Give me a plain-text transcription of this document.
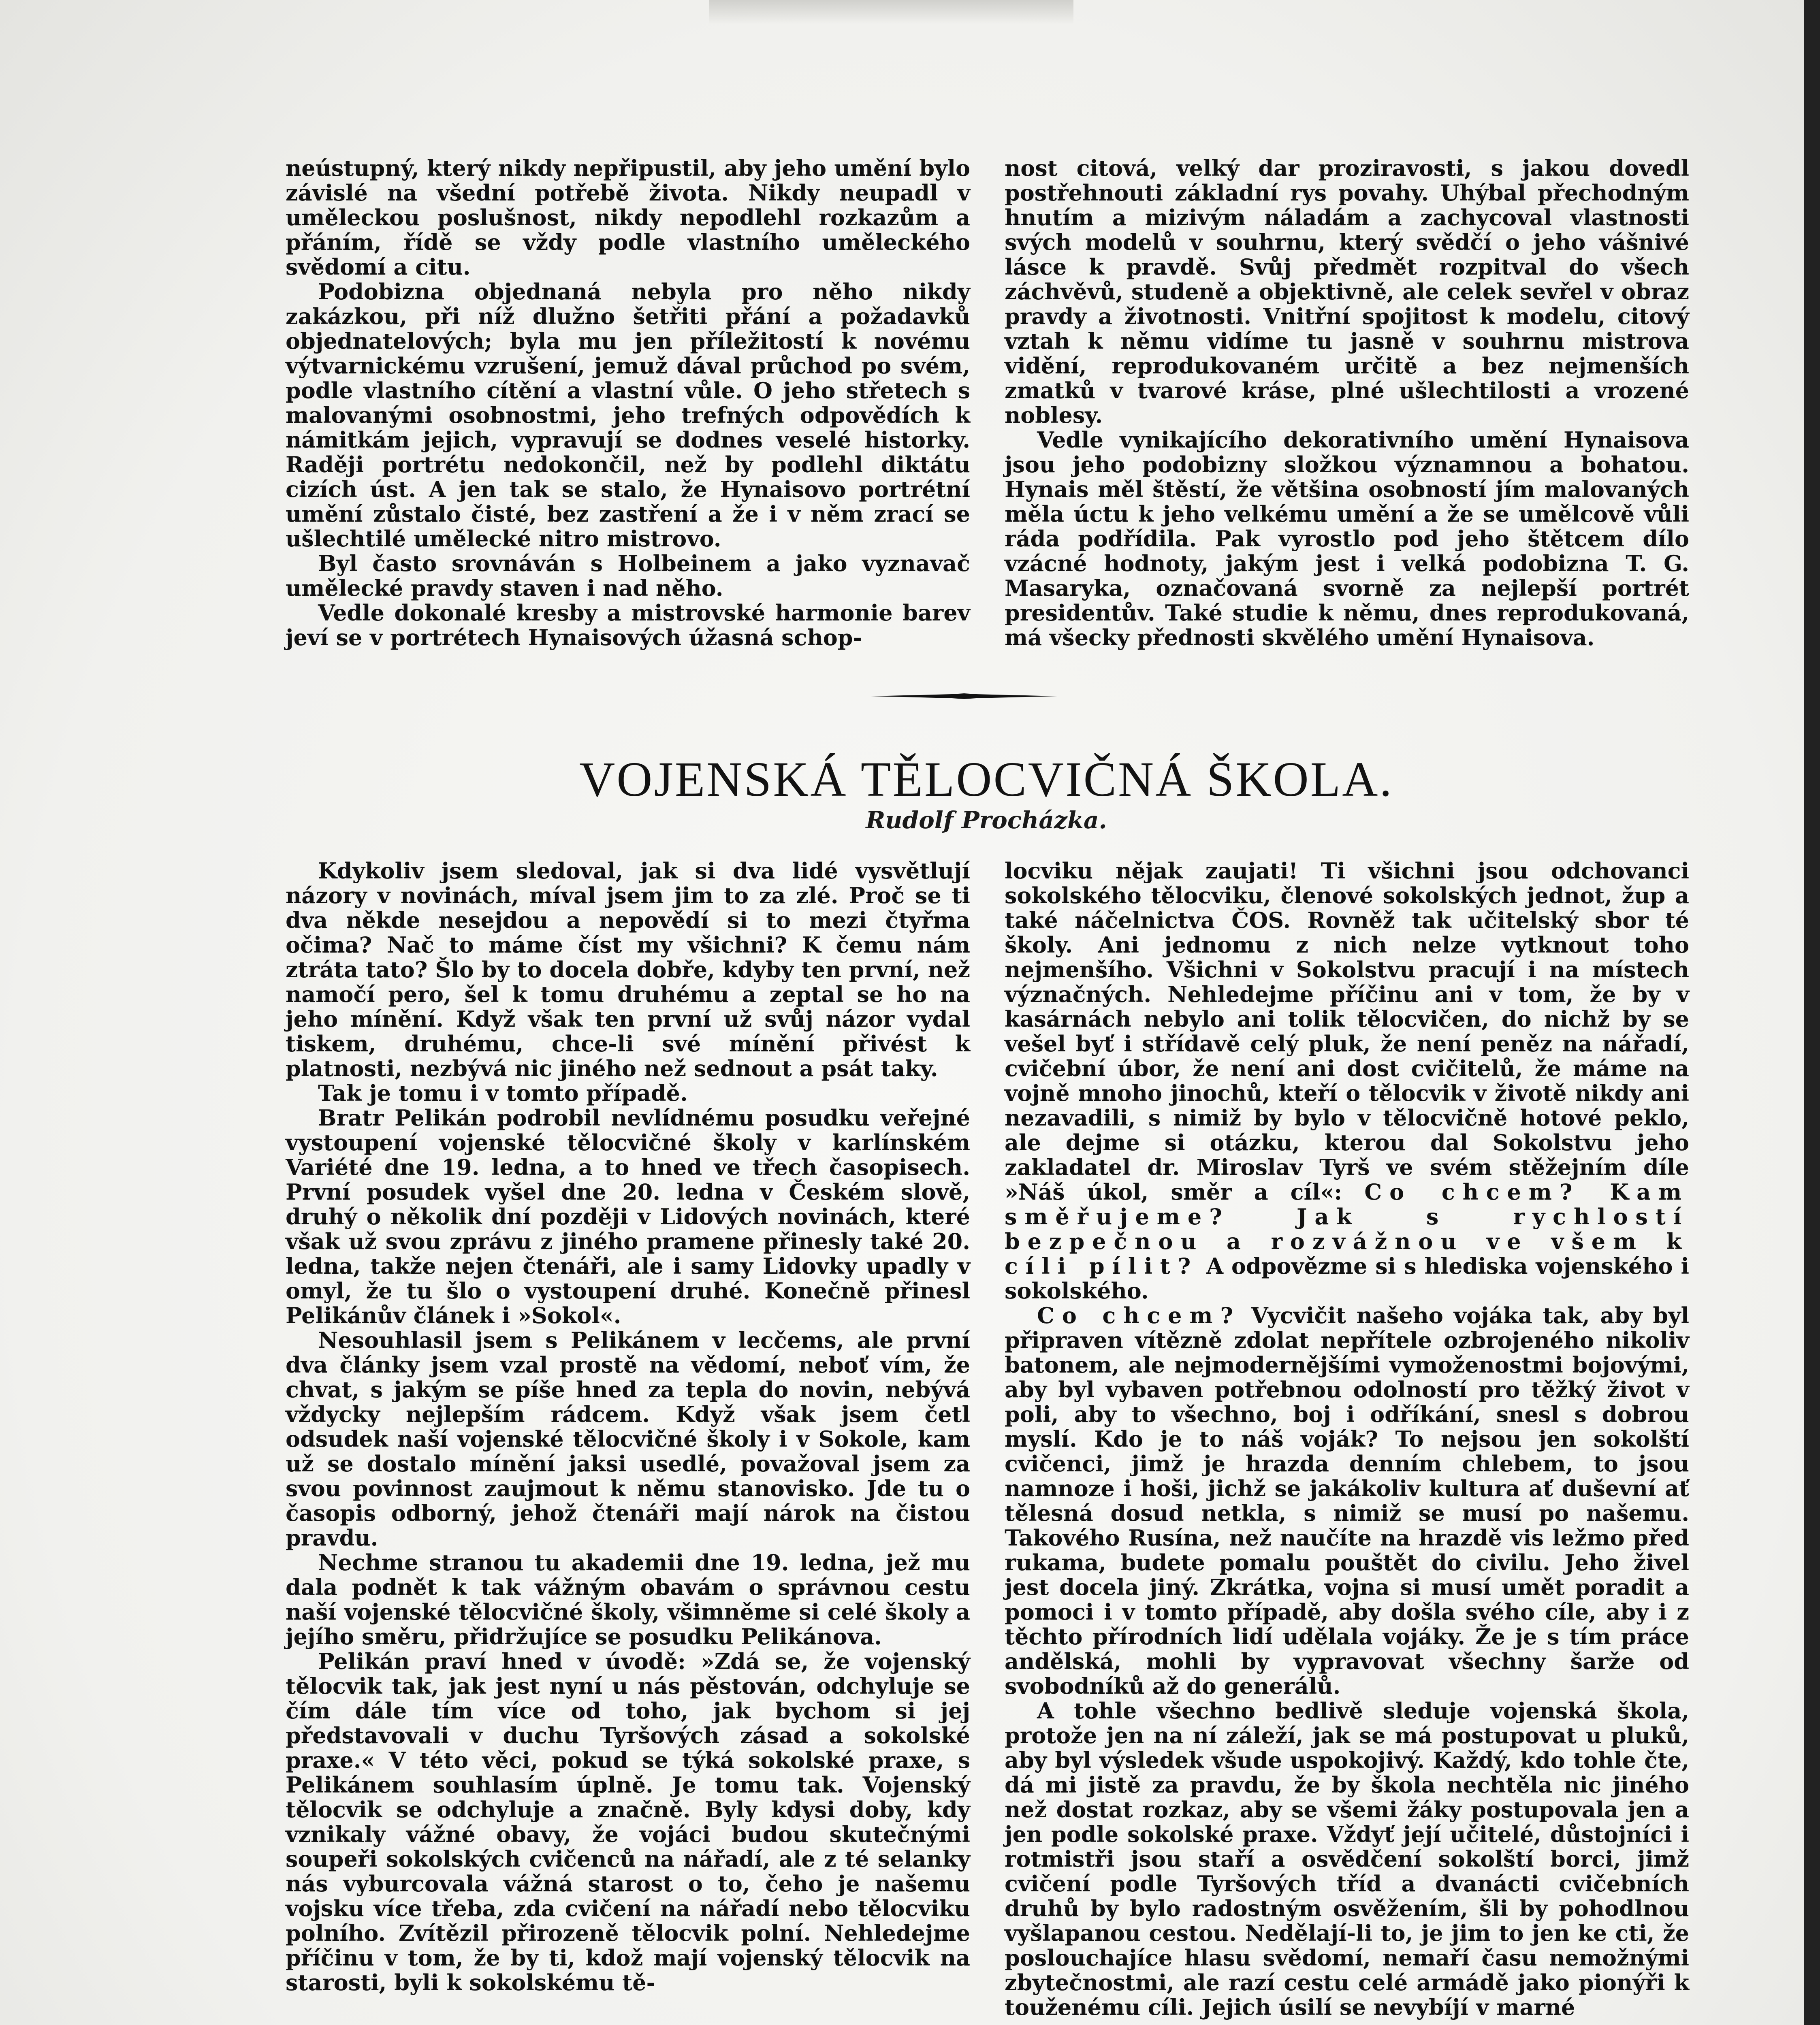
neústupný, který nikdy nepřipustil, aby jeho umění bylo závislé na všední potřebě života. Nikdy neupadl v uměleckou poslušnost, nikdy nepodlehl rozkazům a přáním, řídě se vždy podle vlastního uměleckého svědomí a citu.

Podobizna objednaná nebyla pro něho nikdy zakázkou, při níž dlužno šetřiti přání a požadavků objednatelových; byla mu jen příležitostí k novému výtvarnickému vzrušení, jemuž dával průchod po svém, podle vlastního cítění a vlastní vůle. O jeho střetech s malovanými osobnostmi, jeho trefných odpovědích k námitkám jejich, vypravují se dodnes veselé historky. Raději portrétu nedokončil, než by podlehl diktátu cizích úst. A jen tak se stalo, že Hynaisovo portrétní umění zůstalo čisté, bez zastření a že i v něm zrací se ušlechtilé umělecké nitro mistrovo.

Byl často srovnáván s Holbeinem a jako vyznavač umělecké pravdy staven i nad něho.

Vedle dokonalé kresby a mistrovské harmonie barev jeví se v portrétech Hynaisových úžasná schop-

nost citová, velký dar proziravosti, s jakou dovedl postřehnouti základní rys povahy. Uhýbal přechodným hnutím a mizivým náladám a zachycoval vlastnosti svých modelů v souhrnu, který svědčí o jeho vášnivé lásce k pravdě. Svůj předmět rozpitval do všech záchvěvů, studeně a objektivně, ale celek sevřel v obraz pravdy a životnosti. Vnitřní spojitost k modelu, citový vztah k němu vidíme tu jasně v souhrnu mistrova vidění, reprodukovaném určitě a bez nejmenších zmatků v tvarové kráse, plné ušlechtilosti a vrozené noblesy.

Vedle vynikajícího dekorativního umění Hynaisova jsou jeho podobizny složkou významnou a bohatou. Hynais měl štěstí, že většina osobností jím malovaných měla úctu k jeho velkému umění a že se umělcově vůli ráda podřídila. Pak vyrostlo pod jeho štětcem dílo vzácné hodnoty, jakým jest i velká podobizna T. G. Masaryka, označovaná svorně za nejlepší portrét presidentův. Také studie k němu, dnes reprodukovaná, má všecky přednosti skvělého umění Hynaisova.

VOJENSKÁ TĚLOCVIČNÁ ŠKOLA.
Rudolf Procházka.

Kdykoliv jsem sledoval, jak si dva lidé vysvětlují názory v novinách, míval jsem jim to za zlé. Proč se ti dva někde nesejdou a nepovědí si to mezi čtyřma očima? Nač to máme číst my všichni? K čemu nám ztráta tato? Šlo by to docela dobře, kdyby ten první, než namočí pero, šel k tomu druhému a zeptal se ho na jeho mínění. Když však ten první už svůj názor vydal tiskem, druhému, chce-li své mínění přivést k platnosti, nezbývá nic jiného než sednout a psát taky.

Tak je tomu i v tomto případě.

Bratr Pelikán podrobil nevlídnému posudku veřejné vystoupení vojenské tělocvičné školy v karlínském Variété dne 19. ledna, a to hned ve třech časopisech. První posudek vyšel dne 20. ledna v Českém slově, druhý o několik dní později v Lidových novinách, které však už svou zprávu z jiného pramene přinesly také 20. ledna, takže nejen čtenáři, ale i samy Lidovky upadly v omyl, že tu šlo o vystoupení druhé. Konečně přinesl Pelikánův článek i »Sokol«.

Nesouhlasil jsem s Pelikánem v lecčems, ale první dva články jsem vzal prostě na vědomí, neboť vím, že chvat, s jakým se píše hned za tepla do novin, nebývá vždycky nejlepším rádcem. Když však jsem četl odsudek naší vojenské tělocvičné školy i v Sokole, kam už se dostalo mínění jaksi usedlé, považoval jsem za svou povinnost zaujmout k němu stanovisko. Jde tu o časopis odborný, jehož čtenáři mají nárok na čistou pravdu.

Nechme stranou tu akademii dne 19. ledna, jež mu dala podnět k tak vážným obavám o správnou cestu naší vojenské tělocvičné školy, všimněme si celé školy a jejího směru, přidržujíce se posudku Pelikánova.

Pelikán praví hned v úvodě: »Zdá se, že vojenský tělocvik tak, jak jest nyní u nás pěstován, odchyluje se čím dále tím více od toho, jak bychom si jej představovali v duchu Tyršových zásad a sokolské praxe.« V této věci, pokud se týká sokolské praxe, s Pelikánem souhlasím úplně. Je tomu tak. Vojenský tělocvik se odchyluje a značně. Byly kdysi doby, kdy vznikaly vážné obavy, že vojáci budou skutečnými soupeři sokolských cvičenců na nářadí, ale z té selanky nás vyburcovala vážná starost o to, čeho je našemu vojsku více třeba, zda cvičení na nářadí nebo tělocviku polního. Zvítězil přirozeně tělocvik polní. Nehledejme příčinu v tom, že by ti, kdož mají vojenský tělocvik na starosti, byli k sokolskému tě-

locviku nějak zaujati! Ti všichni jsou odchovanci sokolského tělocviku, členové sokolských jednot, žup a také náčelnictva ČOS. Rovněž tak učitelský sbor té školy. Ani jednomu z nich nelze vytknout toho nejmenšího. Všichni v Sokolstvu pracují i na místech význačných. Nehledejme příčinu ani v tom, že by v kasárnách nebylo ani tolik tělocvičen, do nichž by se vešel byť i střídavě celý pluk, že není peněz na nářadí, cvičební úbor, že není ani dost cvičitelů, že máme na vojně mnoho jinochů, kteří o tělocvik v životě nikdy ani nezavadili, s nimiž by bylo v tělocvičně hotové peklo, ale dejme si otázku, kterou dal Sokolstvu jeho zakladatel dr. Miroslav Tyrš ve svém stěžejním díle »Náš úkol, směr a cíl«: Co chcem? Kam směřujeme? Jak s rychlostí bezpečnou a rozvážnou ve všem k cíli pílit? A odpovězme si s hlediska vojenského i sokolského.

Co chcem? Vycvičit našeho vojáka tak, aby byl připraven vítězně zdolat nepřítele ozbrojeného nikoliv batonem, ale nejmodernějšími vymoženostmi bojovými, aby byl vybaven potřebnou odolností pro těžký život v poli, aby to všechno, boj i odříkání, snesl s dobrou myslí. Kdo je to náš voják? To nejsou jen sokolští cvičenci, jimž je hrazda denním chlebem, to jsou namnoze i hoši, jichž se jakákoliv kultura ať duševní ať tělesná dosud netkla, s nimiž se musí po našemu. Takového Rusína, než naučíte na hrazdě vis ležmo před rukama, budete pomalu pouštět do civilu. Jeho živel jest docela jiný. Zkrátka, vojna si musí umět poradit a pomoci i v tomto případě, aby došla svého cíle, aby i z těchto přírodních lidí udělala vojáky. Že je s tím práce andělská, mohli by vypravovat všechny šarže od svobodníků až do generálů.

A tohle všechno bedlivě sleduje vojenská škola, protože jen na ní záleží, jak se má postupovat u pluků, aby byl výsledek všude uspokojivý. Každý, kdo tohle čte, dá mi jistě za pravdu, že by škola nechtěla nic jiného než dostat rozkaz, aby se všemi žáky postupovala jen a jen podle sokolské praxe. Vždyť její učitelé, důstojníci i rotmistři jsou staří a osvědčení sokolští borci, jimž cvičení podle Tyršových tříd a dvanácti cvičebních druhů by bylo radostným osvěžením, šli by pohodlnou vyšlapanou cestou. Nedělají-li to, je jim to jen ke cti, že poslouchajíce hlasu svědomí, nemaří času nemožnými zbytečnostmi, ale razí cestu celé armádě jako pionýři k touženému cíli. Jejich úsilí se nevybíjí v marné
